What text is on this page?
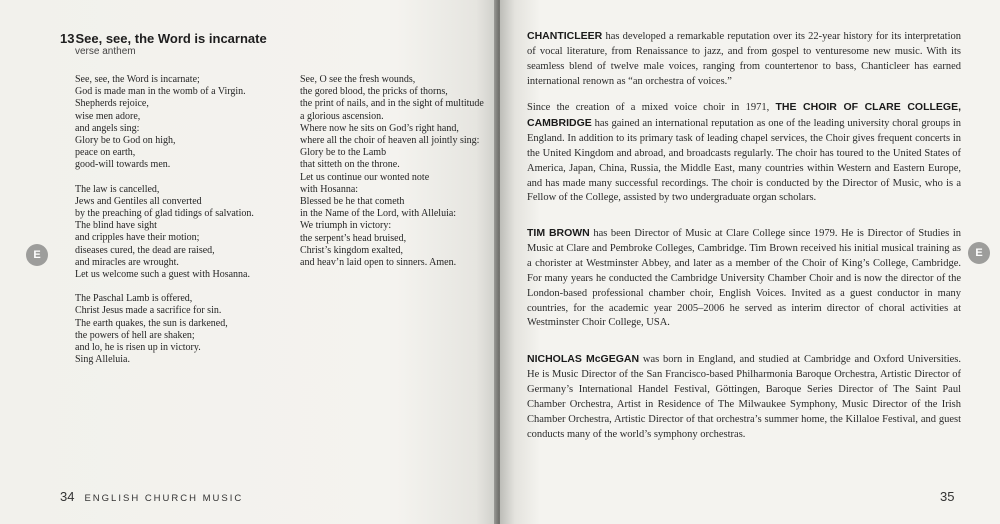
13See, see, the Word is incarnate
verse anthem
See, see, the Word is incarnate;
God is made man in the womb of a Virgin.
Shepherds rejoice,
wise men adore,
and angels sing:
Glory be to God on high,
peace on earth,
good-will towards men.
The law is cancelled,
Jews and Gentiles all converted
by the preaching of glad tidings of salvation.
The blind have sight
and cripples have their motion;
diseases cured, the dead are raised,
and miracles are wrought.
Let us welcome such a guest with Hosanna.
The Paschal Lamb is offered,
Christ Jesus made a sacrifice for sin.
The earth quakes, the sun is darkened,
the powers of hell are shaken;
and lo, he is risen up in victory.
Sing Alleluia.
See, O see the fresh wounds,
the gored blood, the pricks of thorns,
the print of nails, and in the sight of multitude
a glorious ascension.
Where now he sits on God’s right hand,
where all the choir of heaven all jointly sing:
Glory be to the Lamb
that sitteth on the throne.
Let us continue our wonted note
with Hosanna:
Blessed be he that cometh
in the Name of the Lord, with Alleluia:
We triumph in victory:
the serpent’s head bruised,
Christ’s kingdom exalted,
and heav’n laid open to sinners. Amen.
E
34 ENGLISH CHURCH MUSIC
CHANTICLEER has developed a remarkable reputation over its 22-year history for its interpretation of vocal literature, from Renaissance to jazz, and from gospel to venturesome new music. With its seamless blend of twelve male voices, ranging from countertenor to bass, Chanticleer has earned international renown as “an orchestra of voices.”
Since the creation of a mixed voice choir in 1971, THE CHOIR OF CLARE COLLEGE, CAMBRIDGE has gained an international reputation as one of the leading university choral groups in England. In addition to its primary task of leading chapel services, the Choir gives frequent concerts in the United Kingdom and abroad, and broadcasts regularly. The choir has toured to the United States of America, Japan, China, Russia, the Middle East, many countries within Western and Eastern Europe, and has made many successful recordings. The choir is conducted by the Director of Music, who is a Fellow of the College, assisted by two undergraduate organ scholars.
TIM BROWN has been Director of Music at Clare College since 1979. He is Director of Studies in Music at Clare and Pembroke Colleges, Cambridge. Tim Brown received his initial musical training as a chorister at Westminster Abbey, and later as a member of the Choir of King’s College, Cambridge. For many years he conducted the Cambridge University Chamber Choir and is now the director of the London-based professional chamber choir, English Voices. Invited as a guest conductor in many countries, for the academic year 2005–2006 he served as interim director of choral activities at Westminster Choir College, USA.
NICHOLAS McGEGAN was born in England, and studied at Cambridge and Oxford Universities. He is Music Director of the San Francisco-based Philharmonia Baroque Orchestra, Artistic Director of Germany’s International Handel Festival, Göttingen, Baroque Series Director of The Saint Paul Chamber Orchestra, Artist in Residence of The Milwaukee Symphony, Music Director of the Irish Chamber Orchestra, Artistic Director of that orchestra’s summer home, the Killaloe Festival, and guest conducts many of the world’s symphony orchestras.
E
35
